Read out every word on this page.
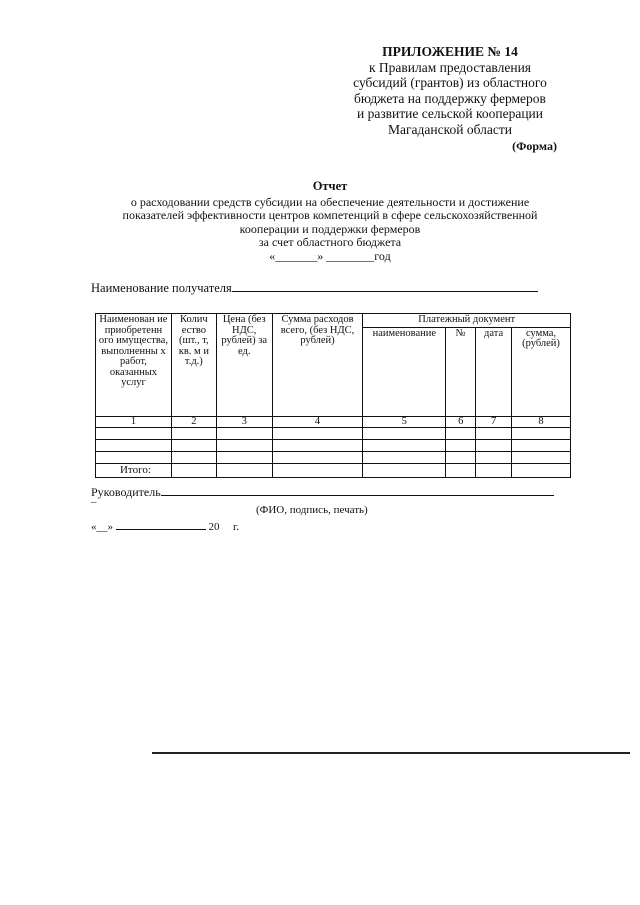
ПРИЛОЖЕНИЕ № 14
к Правилам предоставления
субсидий (грантов) из областного
бюджета на поддержку фермеров
и развитие сельской кооперации
Магаданской области
(Форма)
Отчет
о расходовании средств субсидии на обеспечение деятельности и достижение
показателей эффективности центров компетенций в сфере сельскохозяйственной
кооперации и поддержки фермеров
за счет областного бюджета
«_______» ________год
Наименование получателя
Наименован ие приобретенн ого имущества, выполненны х работ, оказанных услуг	Колич ество (шт., т, кв. м и т.д.)	Цена (без НДС, рублей) за ед.	Сумма расходов всего, (без НДС, рублей)	Платежный документ			
				наименование	№	дата	сумма, (рублей)
1	2	3	4	5	6	7	8

Итого:							
Руководитель
–
(ФИО, подпись, печать)
«__»	20 г.
